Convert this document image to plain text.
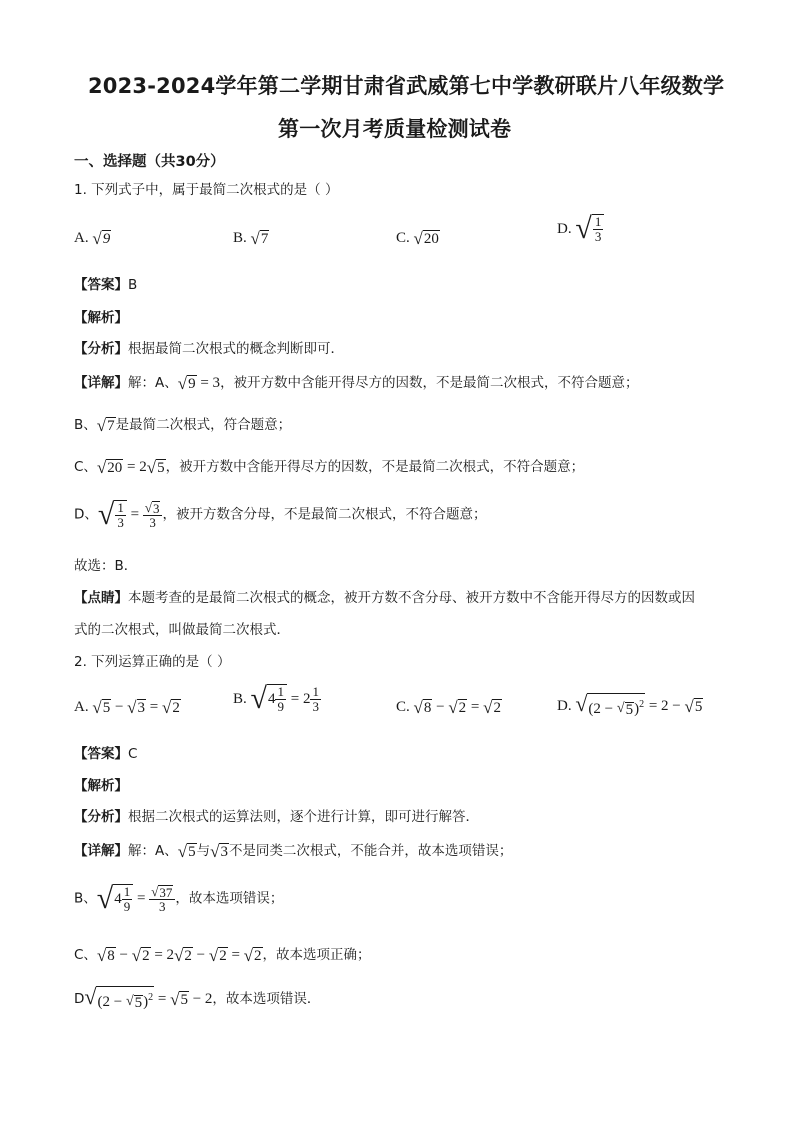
2023-2024学年第二学期甘肃省武威第七中学教研联片八年级数学
第一次月考质量检测试卷
一、选择题（共30分）
1. 下列式子中，属于最简二次根式的是（ ）
A. √ 9	B. √ 7	C. √ 20
D. √ $\frac{1}{3}$
【答案】B
【解析】
【分析】根据最简二次根式的概念判断即可．
【详解】解：A、 √ 9 = 3，被开方数中含能开得尽方的因数，不是最简二次根式，不符合题意；
B、 √ 7 是最简二次根式，符合题意；
C、 √ 20 = 2 √ 5 ，被开方数中含能开得尽方的因数，不是最简二次根式，不符合题意；
D、 √ $\frac{1}{3} = \frac{√ 3}{3}$ ，被开方数含分母，不是最简二次根式，不符合题意；
故选：B．
【点睛】本题考查的是最简二次根式的概念，被开方数不含分母、被开方数中不含能开得尽方的因数或因
式的二次根式，叫做最简二次根式．
2. 下列运算正确的是（ ）
A. √ 5 − √ 3 = √ 2
B. √ $4 \frac{1}{9} = 2 \frac{1}{3}$	C. √ 8 − √ 2 = √ 2	D. √ (2 − √ 5 )$^2$ = 2 − √ 5
【答案】C
【解析】
【分析】根据二次根式的运算法则，逐个进行计算，即可进行解答．
【详解】解：A、 √ 5 与 √ 3 不是同类二次根式，不能合并，故本选项错误；
B、 √ $4 \frac{1}{9} = \frac{√ 37}{3}$ ，故本选项错误；
C、 √ 8 − √ 2 = 2 √ 2 − √ 2 = √ 2 ，故本选项正确；
D √ (2 − √ 5 )$^2$ = √ 5 − 2，故本选项错误．
